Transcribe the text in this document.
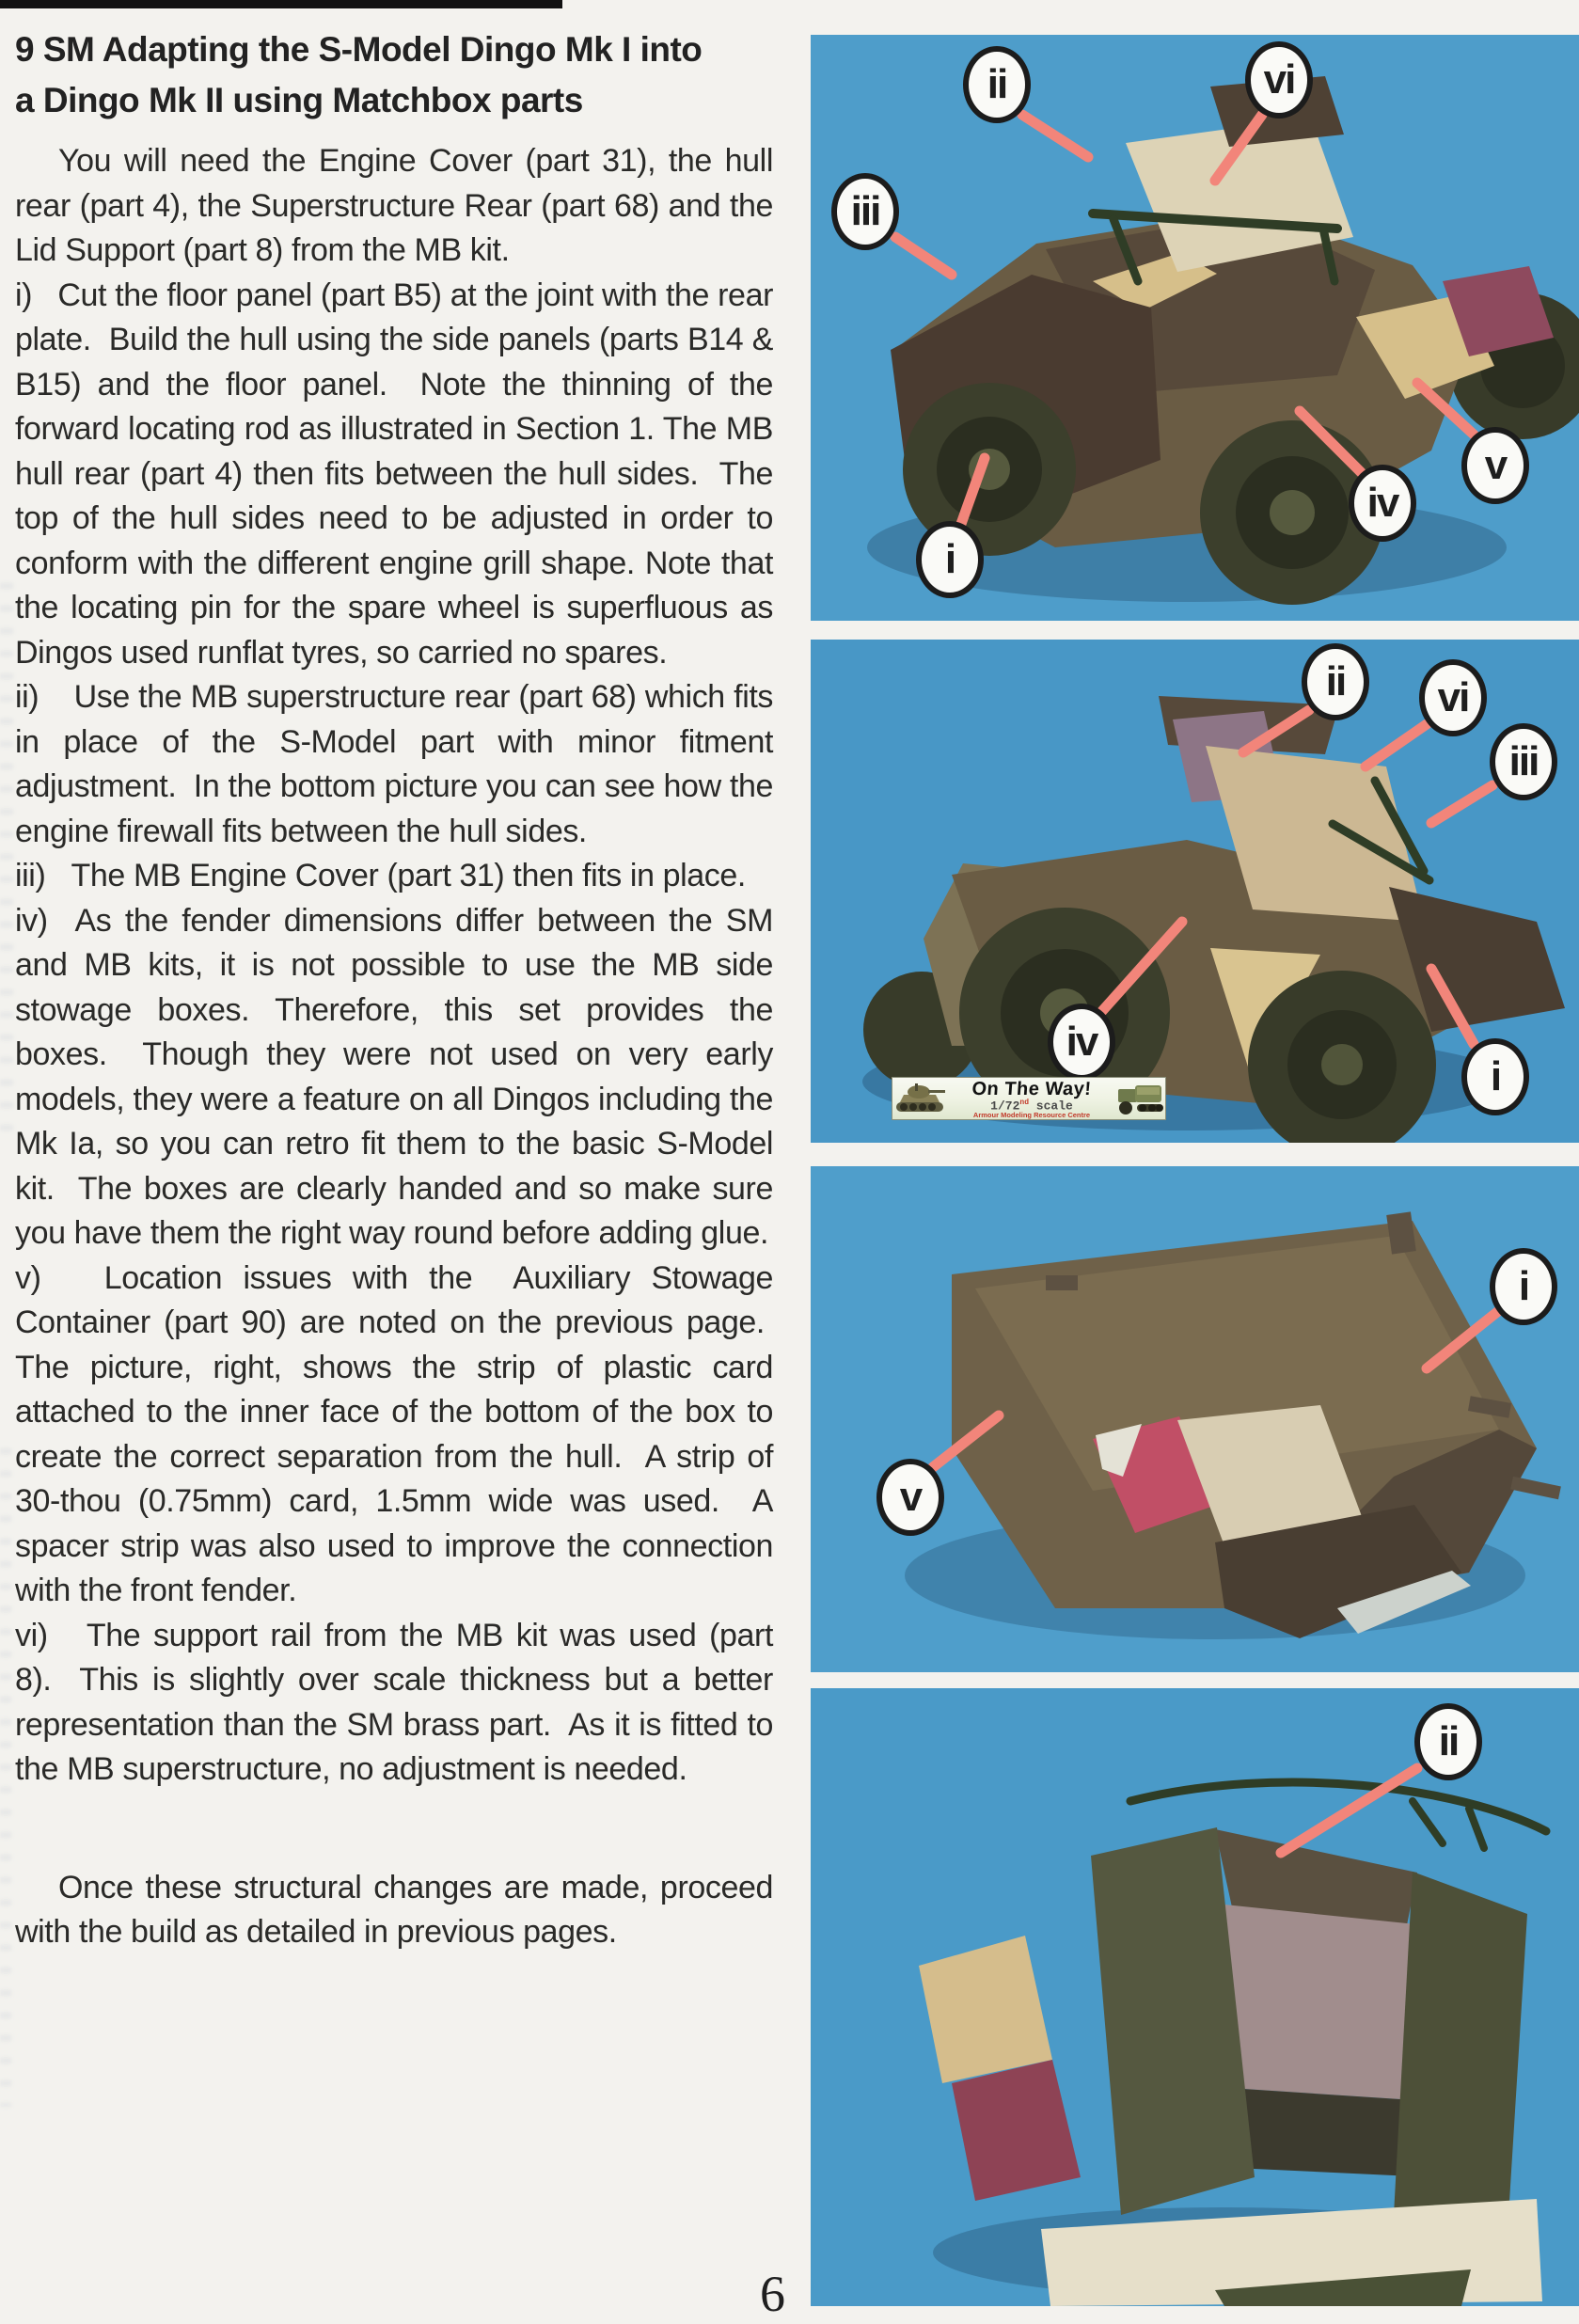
9 SM Adapting the S-Model Dingo Mk I into
a Dingo Mk II using Matchbox parts

You will need the Engine Cover (part 31), the hull rear (part 4), the Superstructure Rear (part 68) and the Lid Support (part 8) from the MB kit.

i)   Cut the floor panel (part B5) at the joint with the rear plate.  Build the hull using the side panels (parts B14 & B15) and the floor panel.  Note the thinning of the forward locating rod as illustrated in Section 1. The MB hull rear (part 4) then fits between the hull sides.  The top of the hull sides need to be adjusted in order to conform with the different engine grill shape. Note that the locating pin for the spare wheel is superfluous as Dingos used runflat tyres, so carried no spares.

ii)    Use the MB superstructure rear (part 68) which fits in place of the S-Model part with minor fitment adjustment.  In the bottom picture you can see how the engine firewall fits between the hull sides.

iii)   The MB Engine Cover (part 31) then fits in place.

iv)  As the fender dimensions differ between the SM and MB kits, it is not possible to use the MB side stowage boxes. Therefore, this set provides the boxes.  Though they were not used on very early models, they were a feature on all Dingos including the Mk Ia, so you can retro fit them to the basic S-Model kit.  The boxes are clearly handed and so make sure you have them the right way round before adding glue.

v)   Location issues with the  Auxiliary Stowage Container (part 90) are noted on the previous page.  The picture, right, shows the strip of plastic card attached to the inner face of the bottom of the box to create the correct separation from the hull.  A strip of 30-thou (0.75mm) card, 1.5mm wide was used.  A spacer strip was also used to improve the connection with the front fender.

vi)   The support rail from the MB kit was used (part 8).  This is slightly over scale thickness but a better representation than the SM brass part.  As it is fitted to the MB superstructure, no adjustment is needed.

Once these structural changes are made, proceed with the build as detailed in previous pages.

ii	vi
iii
i
iv
v
ii vi
iii
iv
i
On The Way!
1/72nd scale
Armour Modeling Resource Centre
i
v
ii
6
